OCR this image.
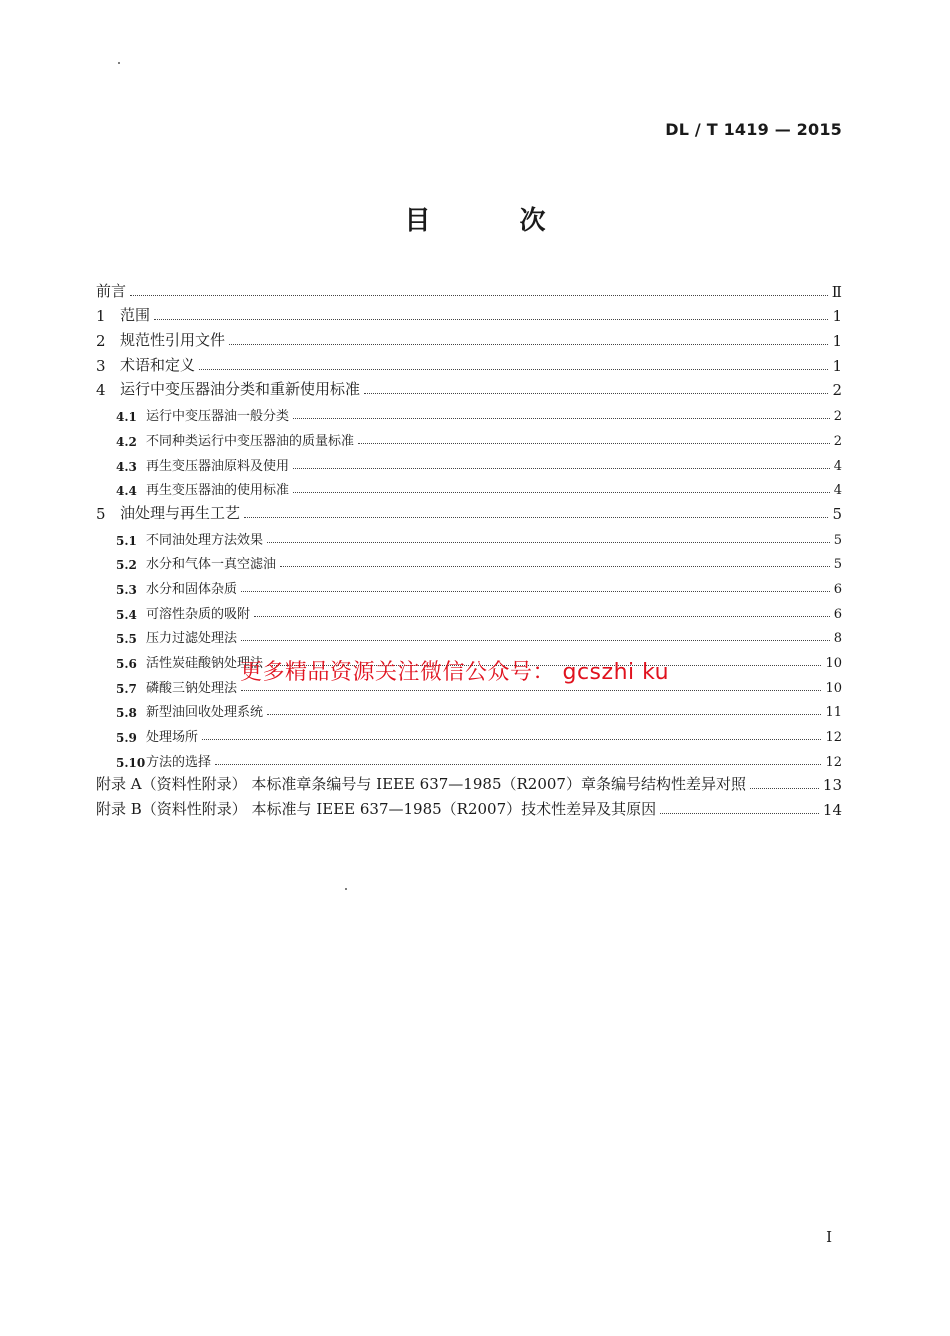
DL / T 1419 — 2015
目 次
前言	Ⅱ
1 范围	1
2 规范性引用文件	1
3 术语和定义	1
4 运行中变压器油分类和重新使用标准	2
4.1 运行中变压器油一般分类	2
4.2 不同种类运行中变压器油的质量标准	2
4.3 再生变压器油原料及使用	4
4.4 再生变压器油的使用标准	4
5 油处理与再生工艺	5
5.1 不同油处理方法效果	5
5.2 水分和气体一真空滤油	5
5.3 水分和固体杂质	6
5.4 可溶性杂质的吸附	6
5.5 压力过滤处理法	8
5.6 活性炭硅酸钠处理法	10
5.7 磷酸三钠处理法	10
5.8 新型油回收处理系统	11
5.9 处理场所	12
5.10 方法的选择	12
附录 A（资料性附录） 本标准章条编号与 IEEE 637—1985（R2007）章条编号结构性差异对照	13
附录 B（资料性附录） 本标准与 IEEE 637—1985（R2007）技术性差异及其原因	14
更多精品资源关注微信公众号： gcszhi ku
I
